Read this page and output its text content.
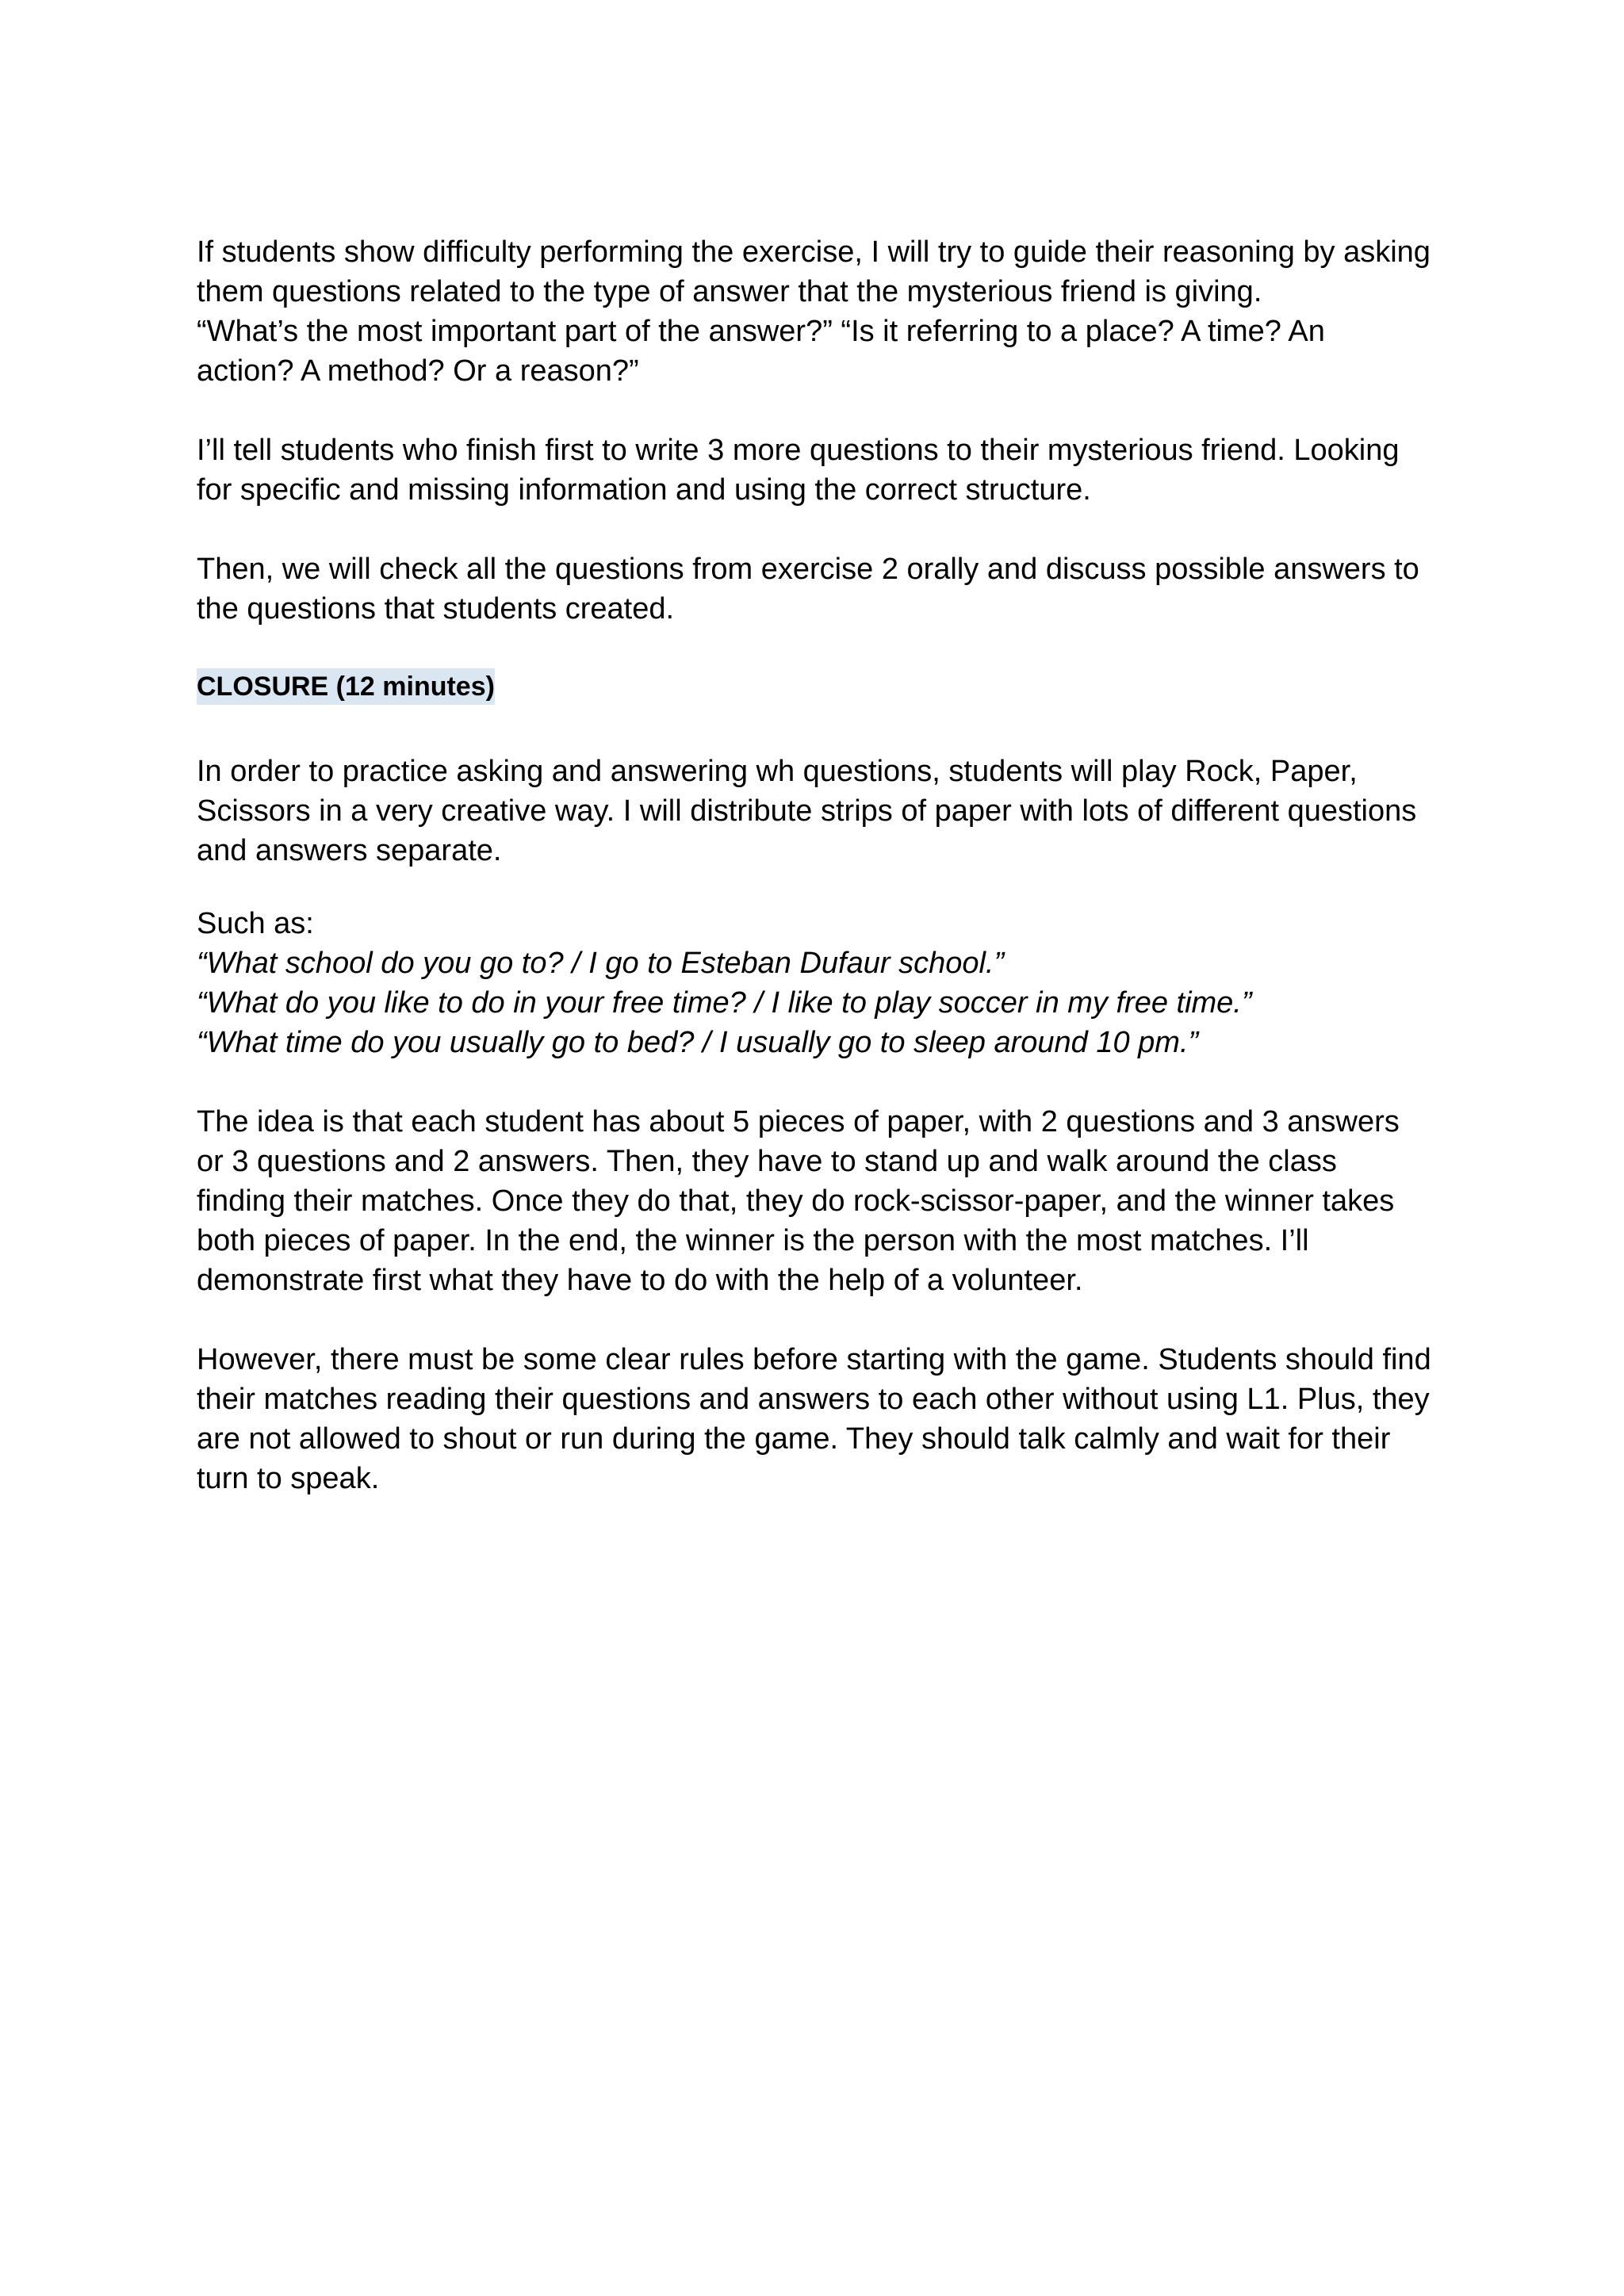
If students show difficulty performing the exercise, I will try to guide their reasoning by asking
them questions related to the type of answer that the mysterious friend is giving.
“What’s the most important part of the answer?” “Is it referring to a place? A time? An
action? A method? Or a reason?”
I’ll tell students who finish first to write 3 more questions to their mysterious friend. Looking
for specific and missing information and using the correct structure.
Then, we will check all the questions from exercise 2 orally and discuss possible answers to
the questions that students created.
CLOSURE (12 minutes)
In order to practice asking and answering wh questions, students will play Rock, Paper,
Scissors in a very creative way. I will distribute strips of paper with lots of different questions
and answers separate.
Such as:
“What school do you go to? / I go to Esteban Dufaur school.”
“What do you like to do in your free time? / I like to play soccer in my free time.”
“What time do you usually go to bed? / I usually go to sleep around 10 pm.”
The idea is that each student has about 5 pieces of paper, with 2 questions and 3 answers
or 3 questions and 2 answers. Then, they have to stand up and walk around the class
finding their matches. Once they do that, they do rock-scissor-paper, and the winner takes
both pieces of paper. In the end, the winner is the person with the most matches. I’ll
demonstrate first what they have to do with the help of a volunteer.
However, there must be some clear rules before starting with the game. Students should find
their matches reading their questions and answers to each other without using L1. Plus, they
are not allowed to shout or run during the game. They should talk calmly and wait for their
turn to speak.
